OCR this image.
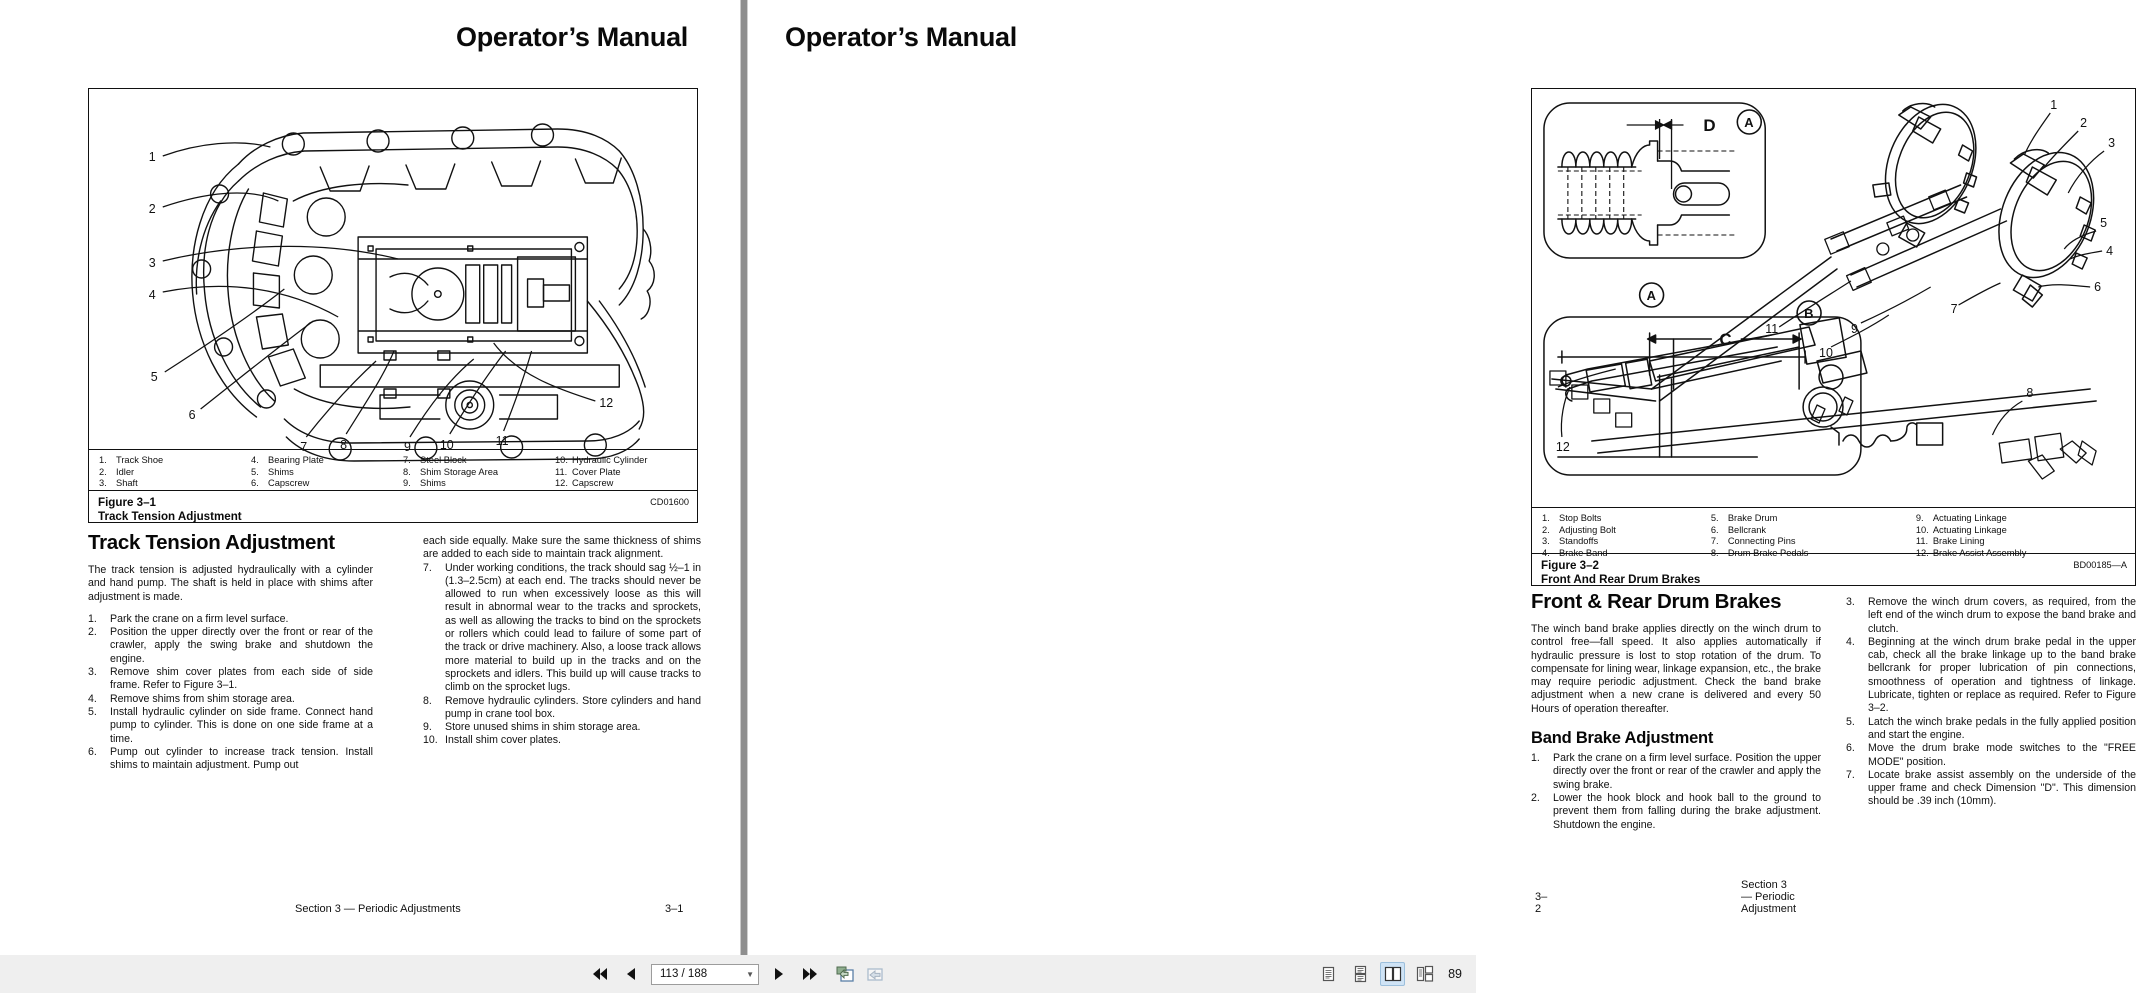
Operator’s Manual
1
2
3
4
5
6
7	8	9 10	11
12
1. Track Shoe
2. Idler
3. Shaft
4. Bearing Plate
5. Shims
6. Capscrew
7. Steel Block
8. Shim Storage Area
9. Shims
10. Hydraulic Cylinder
11. Cover Plate
12. Capscrew
Figure 3–1
Track Tension Adjustment
CD01600
Track Tension Adjustment

The track tension is adjusted hydraulically with a cylinder and hand pump. The shaft is held in place with shims after adjustment is made.

1.	Park the crane on a firm level surface.
2.	Position the upper directly over the front or rear of the crawler, apply the swing brake and shutdown the engine.
3.	Remove shim cover plates from each side of side frame. Refer to Figure 3–1.
4.	Remove shims from shim storage area.
5.	Install hydraulic cylinder on side frame. Connect hand pump to cylinder. This is done on one side frame at a time.
6.	Pump out cylinder to increase track tension. Install shims to maintain adjustment. Pump out

each side equally. Make sure the same thickness of shims are added to each side to maintain track alignment.

7.	Under working conditions, the track should sag ½–1 in (1.3–2.5cm) at each end. The tracks should never be allowed to run when excessively loose as this will result in abnormal wear to the tracks and sprockets, as well as allowing the tracks to bind on the sprockets or rollers which could lead to failure of some part of the track or drive machinery. Also, a loose track allows more material to build up in the tracks and on the sprockets and idlers. This build up will cause tracks to climb on the sprocket lugs.
8.	Remove hydraulic cylinders. Store cylinders and hand pump in crane tool box.
9.	Store unused shims in shim storage area.
10. Install shim cover plates.
Section 3 — Periodic Adjustments	3–1
Operator’s Manual
D A
C
12
B
1
2
3
4
5
6
7
8
9
10
11
A
1. Stop Bolts
2. Adjusting Bolt
3. Standoffs
4. Brake Band
5. Brake Drum
6. Bellcrank
7. Connecting Pins
8. Drum Brake Pedals
9. Actuating Linkage
10. Actuating Linkage
11. Brake Lining
12. Brake Assist Assembly
Figure 3–2
Front And Rear Drum Brakes
BD00185—A
Front & Rear Drum Brakes

The winch band brake applies directly on the winch drum to control free—fall speed. It also applies automatically if hydraulic pressure is lost to stop rotation of the drum. To compensate for lining wear, linkage expansion, etc., the brake may require periodic adjustment. Check the band brake adjustment when a new crane is delivered and every 50 Hours of operation thereafter.

Band Brake Adjustment
1.	Park the crane on a firm level surface. Position the upper directly over the front or rear of the crawler and apply the swing brake.
2.	Lower the hook block and hook ball to the ground to prevent them from falling during the brake adjustment. Shutdown the engine.
3.	Remove the winch drum covers, as required, from the left end of the winch drum to expose the band brake and clutch.
4.	Beginning at the winch drum brake pedal in the upper cab, check all the brake linkage up to the band brake bellcrank for proper lubrication of pin connections, smoothness of operation and tightness of linkage. Lubricate, tighten or replace as required. Refer to Figure 3–2.
5.	Latch the winch brake pedals in the fully applied position and start the engine.
6.	Move the drum brake mode switches to the "FREE MODE" position.
7.	Locate brake assist assembly on the underside of the upper frame and check Dimension "D". This dimension should be .39 inch (10mm).
3–2
Section 3 — Periodic Adjustment
113 / 188	▼	89
